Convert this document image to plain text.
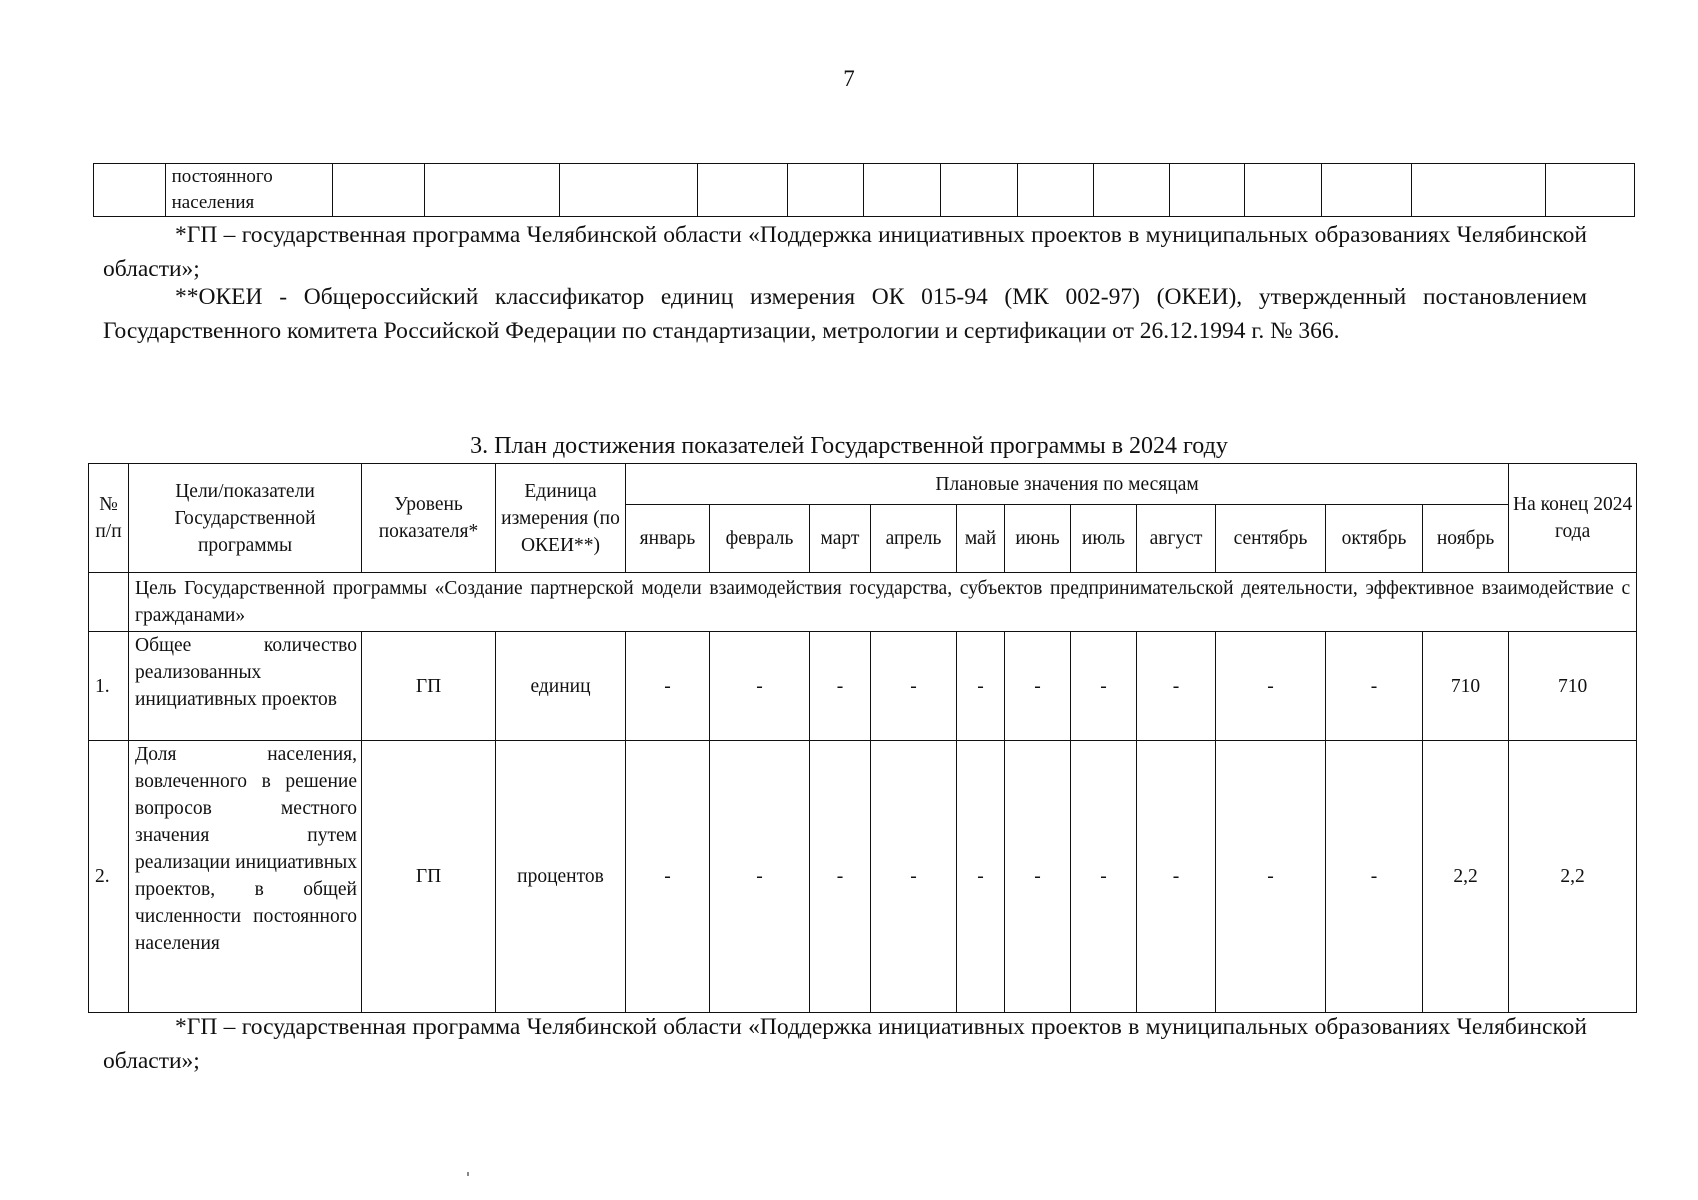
7
	постоянного населения														

*ГП – государственная программа Челябинской области «Поддержка инициативных проектов в муниципальных образованиях Челябинской области»;

**ОКЕИ - Общероссийский классификатор единиц измерения ОК 015-94 (МК 002-97) (ОКЕИ), утвержденный постановлением Государственного комитета Российской Федерации по стандартизации, метрологии и сертификации от 26.12.1994 г. № 366.

3. План достижения показателей Государственной программы в 2024 году
№ п/п	Цели/показатели Государственной программы	Уровень показателя*	Единица измерения (по ОКЕИ**)	Плановые значения по месяцам											На конец 2024 года
				январь	февраль	март	апрель	май	июнь	июль	август	сентябрь	октябрь	ноябрь	
	Цель Государственной программы «Создание партнерской модели взаимодействия государства, субъектов предпринимательской деятельности, эффективное взаимодействие с гражданами»														
1.	Общее количество реализованных инициативных проектов	ГП	единиц	-	-	-	-	-	-	-	-	-	-	710	710
2.	Доля населения, вовлеченного в решение вопросов местного значения путем реализации инициативных проектов, в общей численности постоянного населения	ГП	процентов	-	-	-	-	-	-	-	-	-	-	2,2	2,2

*ГП – государственная программа Челябинской области «Поддержка инициативных проектов в муниципальных образованиях Челябинской области»;
